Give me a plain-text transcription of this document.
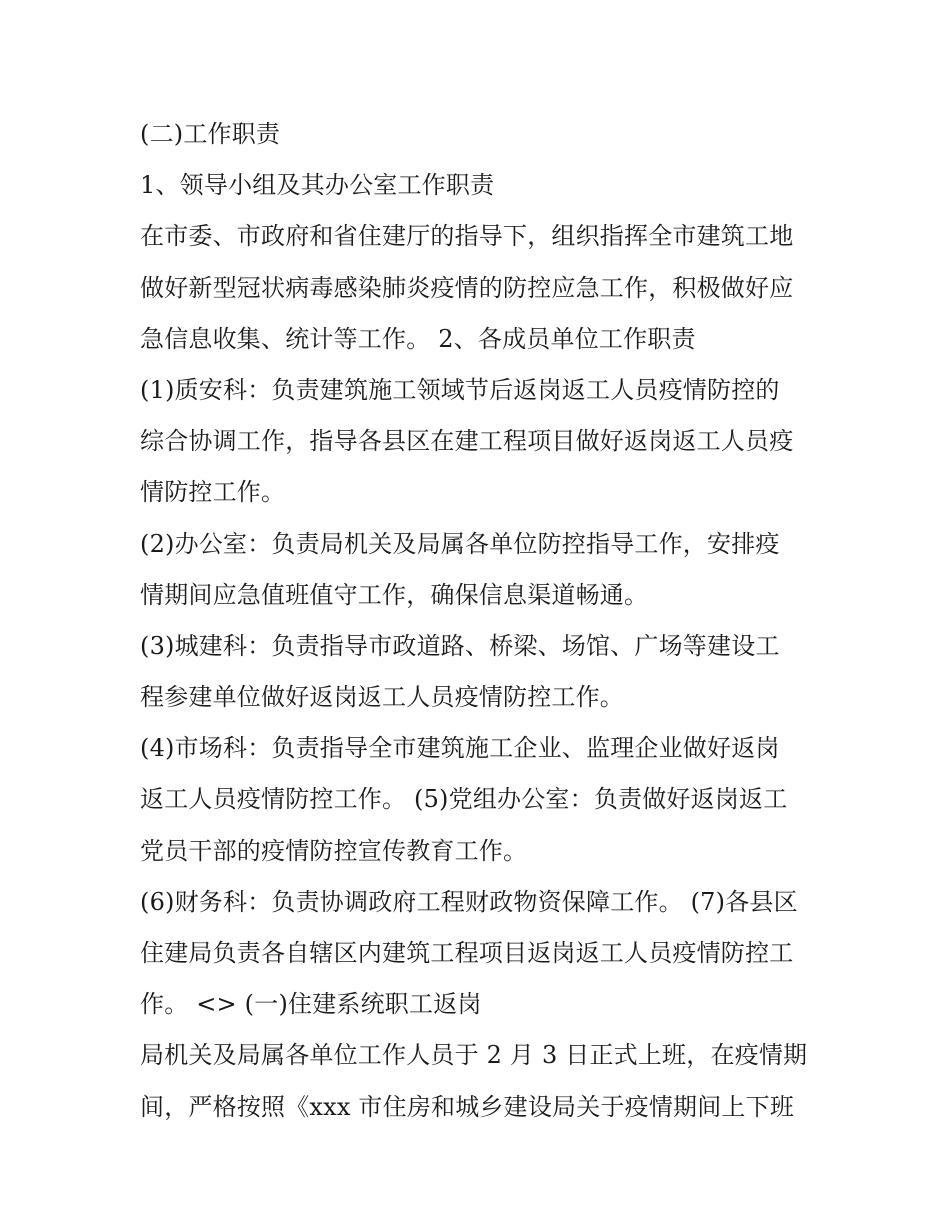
(二)工作职责
1、领导小组及其办公室工作职责
在市委、市政府和省住建厅的指导下，组织指挥全市建筑工地
做好新型冠状病毒感染肺炎疫情的防控应急工作，积极做好应
急信息收集、统计等工作。 2、各成员单位工作职责
(1)质安科：负责建筑施工领域节后返岗返工人员疫情防控的
综合协调工作，指导各县区在建工程项目做好返岗返工人员疫
情防控工作。
(2)办公室：负责局机关及局属各单位防控指导工作，安排疫
情期间应急值班值守工作，确保信息渠道畅通。
(3)城建科：负责指导市政道路、桥梁、场馆、广场等建设工
程参建单位做好返岗返工人员疫情防控工作。
(4)市场科：负责指导全市建筑施工企业、监理企业做好返岗
返工人员疫情防控工作。 (5)党组办公室：负责做好返岗返工
党员干部的疫情防控宣传教育工作。
(6)财务科：负责协调政府工程财政物资保障工作。 (7)各县区
住建局负责各自辖区内建筑工程项目返岗返工人员疫情防控工
作。 <> (一)住建系统职工返岗
局机关及局属各单位工作人员于 2 月 3 日正式上班，在疫情期
间，严格按照《xxx 市住房和城乡建设局关于疫情期间上下班
